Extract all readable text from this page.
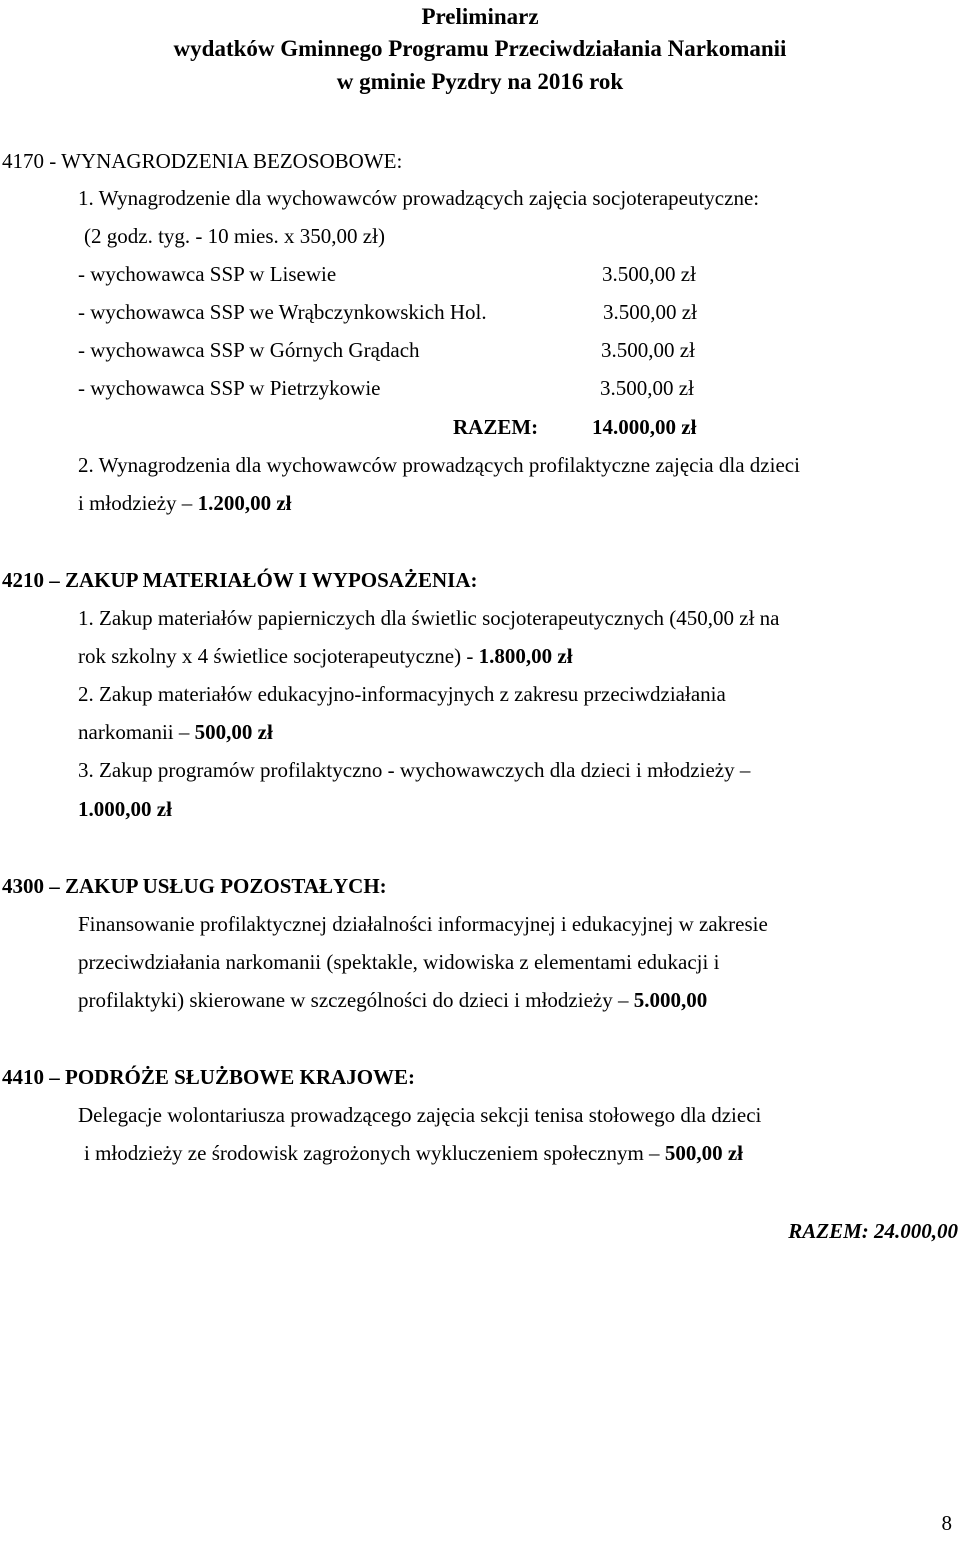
Preliminarz
wydatków Gminnego Programu Przeciwdziałania Narkomanii
w gminie Pyzdry na 2016 rok
4170 - WYNAGRODZENIA BEZOSOBOWE:
1. Wynagrodzenie dla wychowawców prowadzących zajęcia socjoterapeutyczne:
(2 godz. tyg. - 10 mies. x 350,00 zł)
- wychowawca SSP w Lisewie	3.500,00 zł
- wychowawca SSP we Wrąbczynkowskich Hol.	3.500,00 zł
- wychowawca SSP w Górnych Grądach	3.500,00 zł
- wychowawca SSP w Pietrzykowie	3.500,00 zł
RAZEM:	14.000,00 zł
2. Wynagrodzenia dla wychowawców prowadzących profilaktyczne zajęcia dla dzieci
i młodzieży – 1.200,00 zł
4210 – ZAKUP MATERIAŁÓW I WYPOSAŻENIA:
1. Zakup materiałów papierniczych dla świetlic socjoterapeutycznych (450,00 zł na
rok szkolny x 4 świetlice socjoterapeutyczne) - 1.800,00 zł
2. Zakup materiałów edukacyjno-informacyjnych z zakresu przeciwdziałania
narkomanii – 500,00 zł
3. Zakup programów profilaktyczno - wychowawczych dla dzieci i młodzieży –
1.000,00 zł
4300 – ZAKUP USŁUG POZOSTAŁYCH:
Finansowanie profilaktycznej działalności informacyjnej i edukacyjnej w zakresie
przeciwdziałania narkomanii (spektakle, widowiska z elementami edukacji i
profilaktyki) skierowane w szczególności do dzieci i młodzieży – 5.000,00
4410 – PODRÓŻE SŁUŻBOWE KRAJOWE:
Delegacje wolontariusza prowadzącego zajęcia sekcji tenisa stołowego dla dzieci
i młodzieży ze środowisk zagrożonych wykluczeniem społecznym – 500,00 zł
RAZEM: 24.000,00
8
